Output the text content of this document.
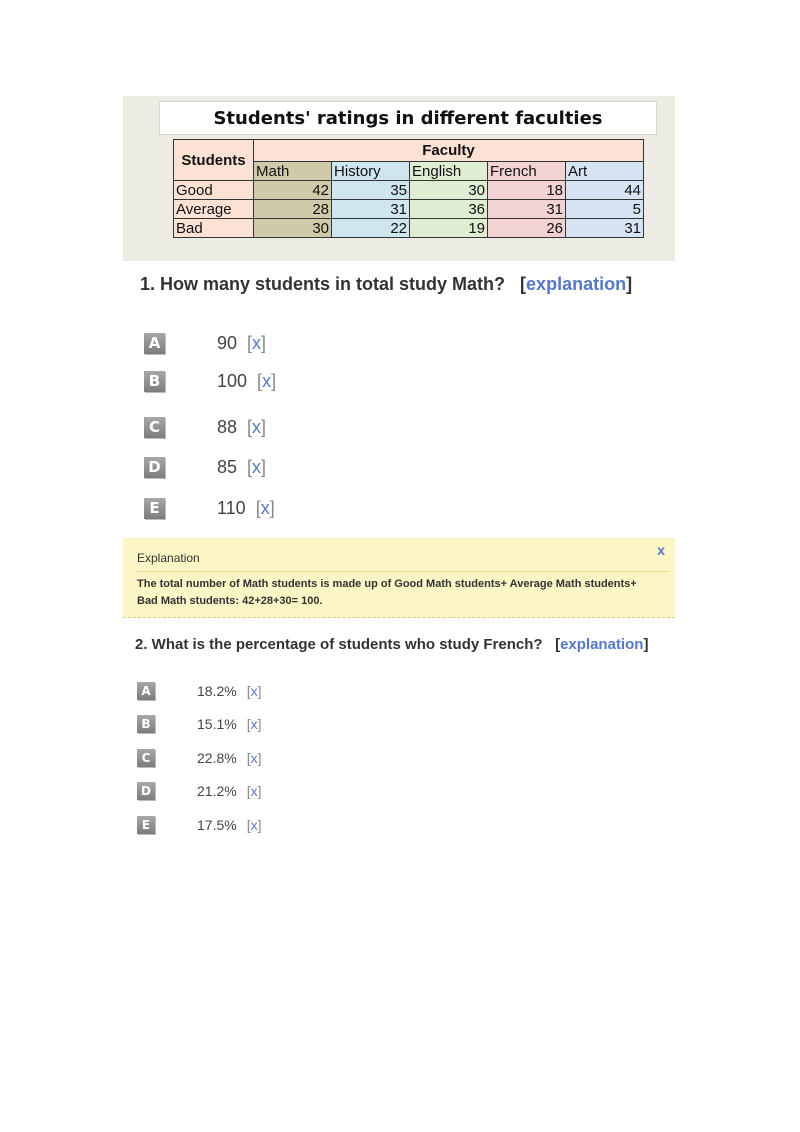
Students' ratings in different faculties
Students	Faculty				
	Math	History	English	French	Art
Good	42	35	30	18	44
Average	28	31	36	31	5
Bad	30	22	19	26	31
1. How many students in total study Math? [explanation]
A	90 [x]
B	100 [x]
C	88 [x]
D	85 [x]
E	110 [x]
Explanation	x
The total number of Math students is made up of Good Math students+ Average Math students+ Bad Math students: 42+28+30= 100.
2. What is the percentage of students who study French? [explanation]
A	18.2% [x]
B	15.1% [x]
C	22.8% [x]
D	21.2% [x]
E	17.5% [x]
